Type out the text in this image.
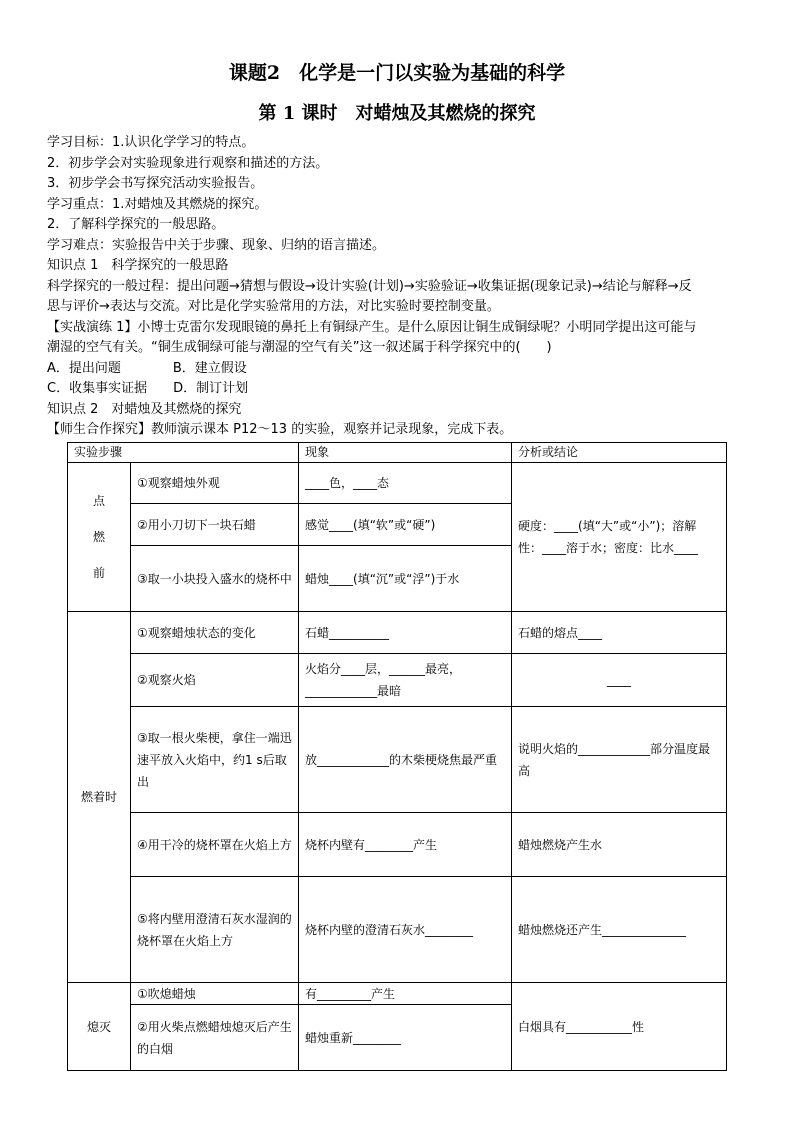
课题2　化学是一门以实验为基础的科学
第 1 课时　对蜡烛及其燃烧的探究
学习目标：1.认识化学学习的特点。
2．初步学会对实验现象进行观察和描述的方法。
3．初步学会书写探究活动实验报告。
学习重点：1.对蜡烛及其燃烧的探究。
2．了解科学探究的一般思路。
学习难点：实验报告中关于步骤、现象、归纳的语言描述。
知识点 1　科学探究的一般思路
科学探究的一般过程：提出问题→猜想与假设→设计实验(计划)→实验验证→收集证据(现象记录)→结论与解释→反
思与评价→表达与交流。对比是化学实验常用的方法，对比实验时要控制变量。
【实战演练 1】小博士克雷尔发现眼镜的鼻托上有铜绿产生。是什么原因让铜生成铜绿呢？小明同学提出这可能与
潮湿的空气有关。“铜生成铜绿可能与潮湿的空气有关”这一叙述属于科学探究中的(　　)
A．提出问题　　　　B．建立假设
C．收集事实证据　　D．制订计划
知识点 2　对蜡烛及其燃烧的探究
【师生合作探究】教师演示课本 P12～13 的实验，观察并记录现象，完成下表。
实验步骤		现象	分析或结论
点燃前	①观察蜡烛外观	____色，____态	硬度：____(填“大”或“小”)；溶解性：____溶于水；密度：比水____
	②用小刀切下一块石蜡	感觉____(填“软”或“硬”)	
	③取一小块投入盛水的烧杯中	蜡烛____(填“沉”或“浮”)于水	
燃着时	①观察蜡烛状态的变化	石蜡__________	石蜡的熔点____
	②观察火焰	火焰分____层，______最亮，____________最暗	____
	③取一根火柴梗，拿住一端迅速平放入火焰中，约1 s后取出	放____________的木柴梗烧焦最严重	说明火焰的____________部分温度最高
	④用干冷的烧杯罩在火焰上方	烧杯内壁有________产生	蜡烛燃烧产生水
	⑤将内壁用澄清石灰水湿润的烧杯罩在火焰上方	烧杯内壁的澄清石灰水________	蜡烛燃烧还产生______________
熄灭	①吹熄蜡烛	有_________产生	白烟具有___________性
	②用火柴点燃蜡烛熄灭后产生的白烟	蜡烛重新________	
